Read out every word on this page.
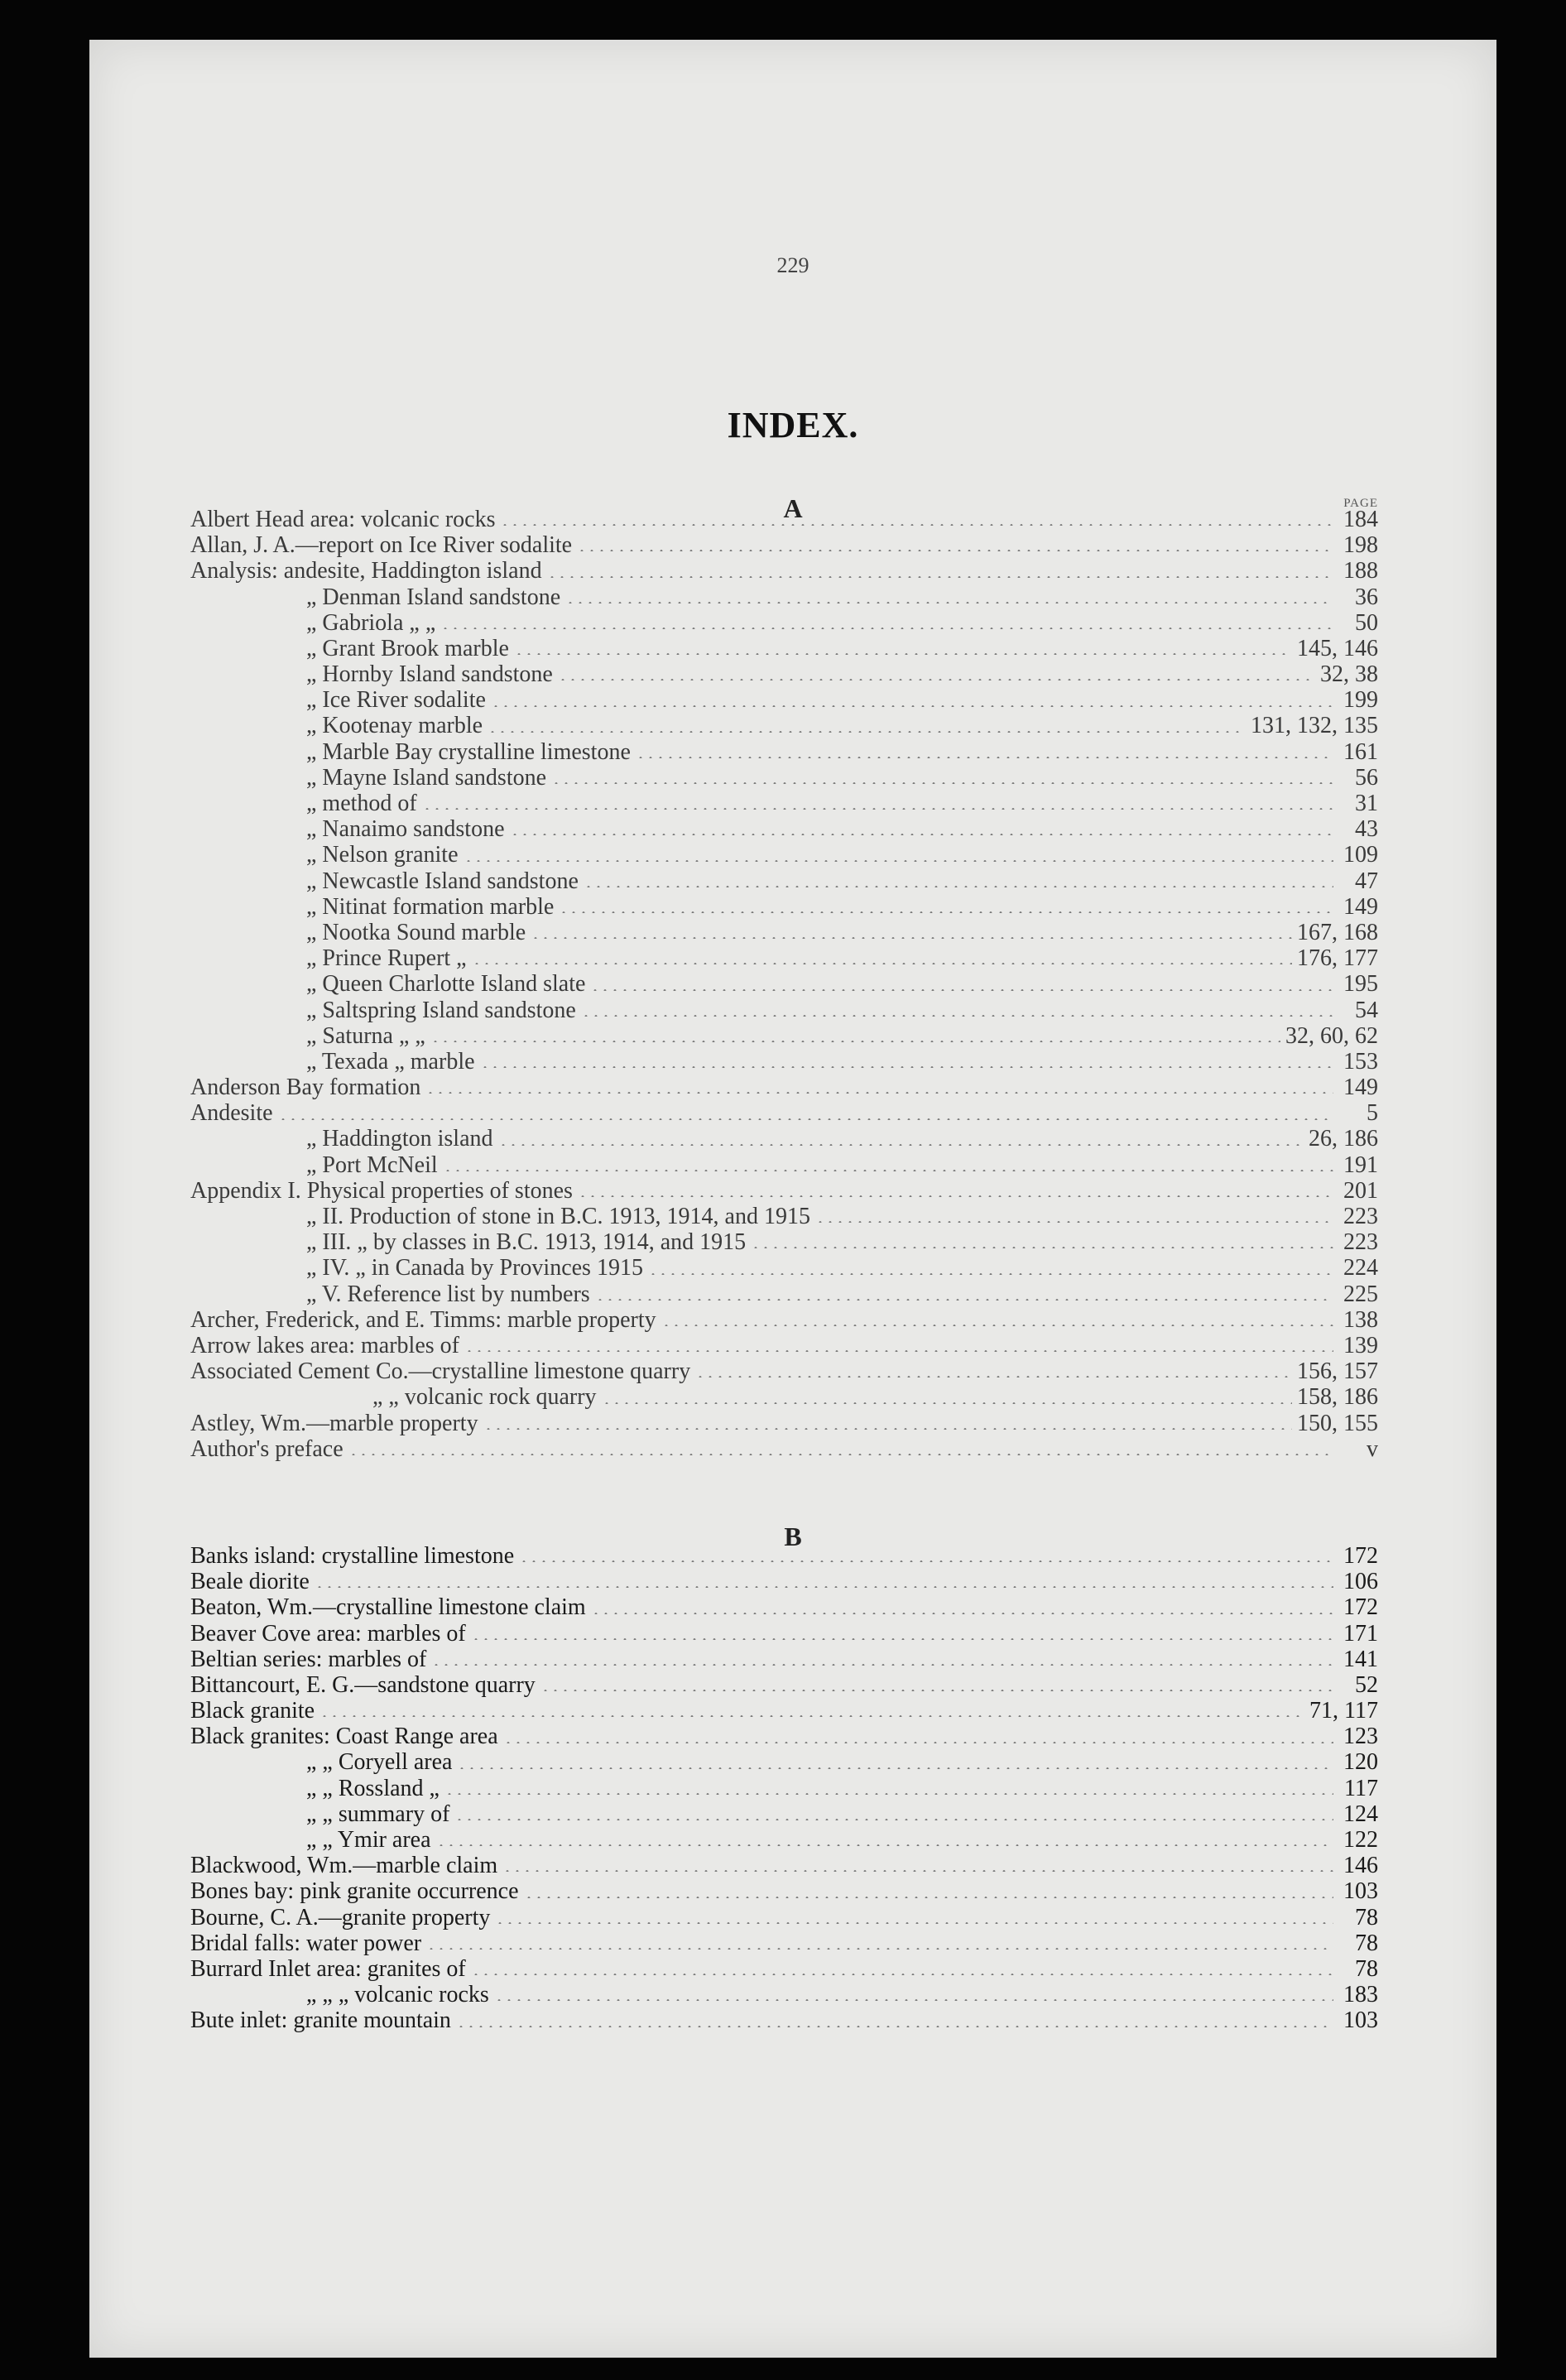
229
INDEX.
A	PAGE
Albert Head area: volcanic rocks	184
Allan, J. A.—report on Ice River sodalite	198
Analysis: andesite, Haddington island	188
„ Denman Island sandstone	36
„ Gabriola „ „	50
„ Grant Brook marble	145, 146
„ Hornby Island sandstone	32, 38
„ Ice River sodalite	199
„ Kootenay marble	131, 132, 135
„ Marble Bay crystalline limestone	161
„ Mayne Island sandstone	56
„ method of	31
„ Nanaimo sandstone	43
„ Nelson granite	109
„ Newcastle Island sandstone	47
„ Nitinat formation marble	149
„ Nootka Sound marble	167, 168
„ Prince Rupert „	176, 177
„ Queen Charlotte Island slate	195
„ Saltspring Island sandstone	54
„ Saturna „ „	32, 60, 62
„ Texada „ marble	153
Anderson Bay formation	149
Andesite	5
„ Haddington island	26, 186
„ Port McNeil	191
Appendix I. Physical properties of stones	201
„ II. Production of stone in B.C. 1913, 1914, and 1915	223
„ III. „ by classes in B.C. 1913, 1914, and 1915	223
„ IV. „ in Canada by Provinces 1915	224
„ V. Reference list by numbers	225
Archer, Frederick, and E. Timms: marble property	138
Arrow lakes area: marbles of	139
Associated Cement Co.—crystalline limestone quarry	156, 157
„ „ volcanic rock quarry	158, 186
Astley, Wm.—marble property	150, 155
Author's preface	v
B
Banks island: crystalline limestone	172
Beale diorite	106
Beaton, Wm.—crystalline limestone claim	172
Beaver Cove area: marbles of	171
Beltian series: marbles of	141
Bittancourt, E. G.—sandstone quarry	52
Black granite	71, 117
Black granites: Coast Range area	123
„ „ Coryell area	120
„ „ Rossland „	117
„ „ summary of	124
„ „ Ymir area	122
Blackwood, Wm.—marble claim	146
Bones bay: pink granite occurrence	103
Bourne, C. A.—granite property	78
Bridal falls: water power	78
Burrard Inlet area: granites of	78
„ „ „ volcanic rocks	183
Bute inlet: granite mountain	103
